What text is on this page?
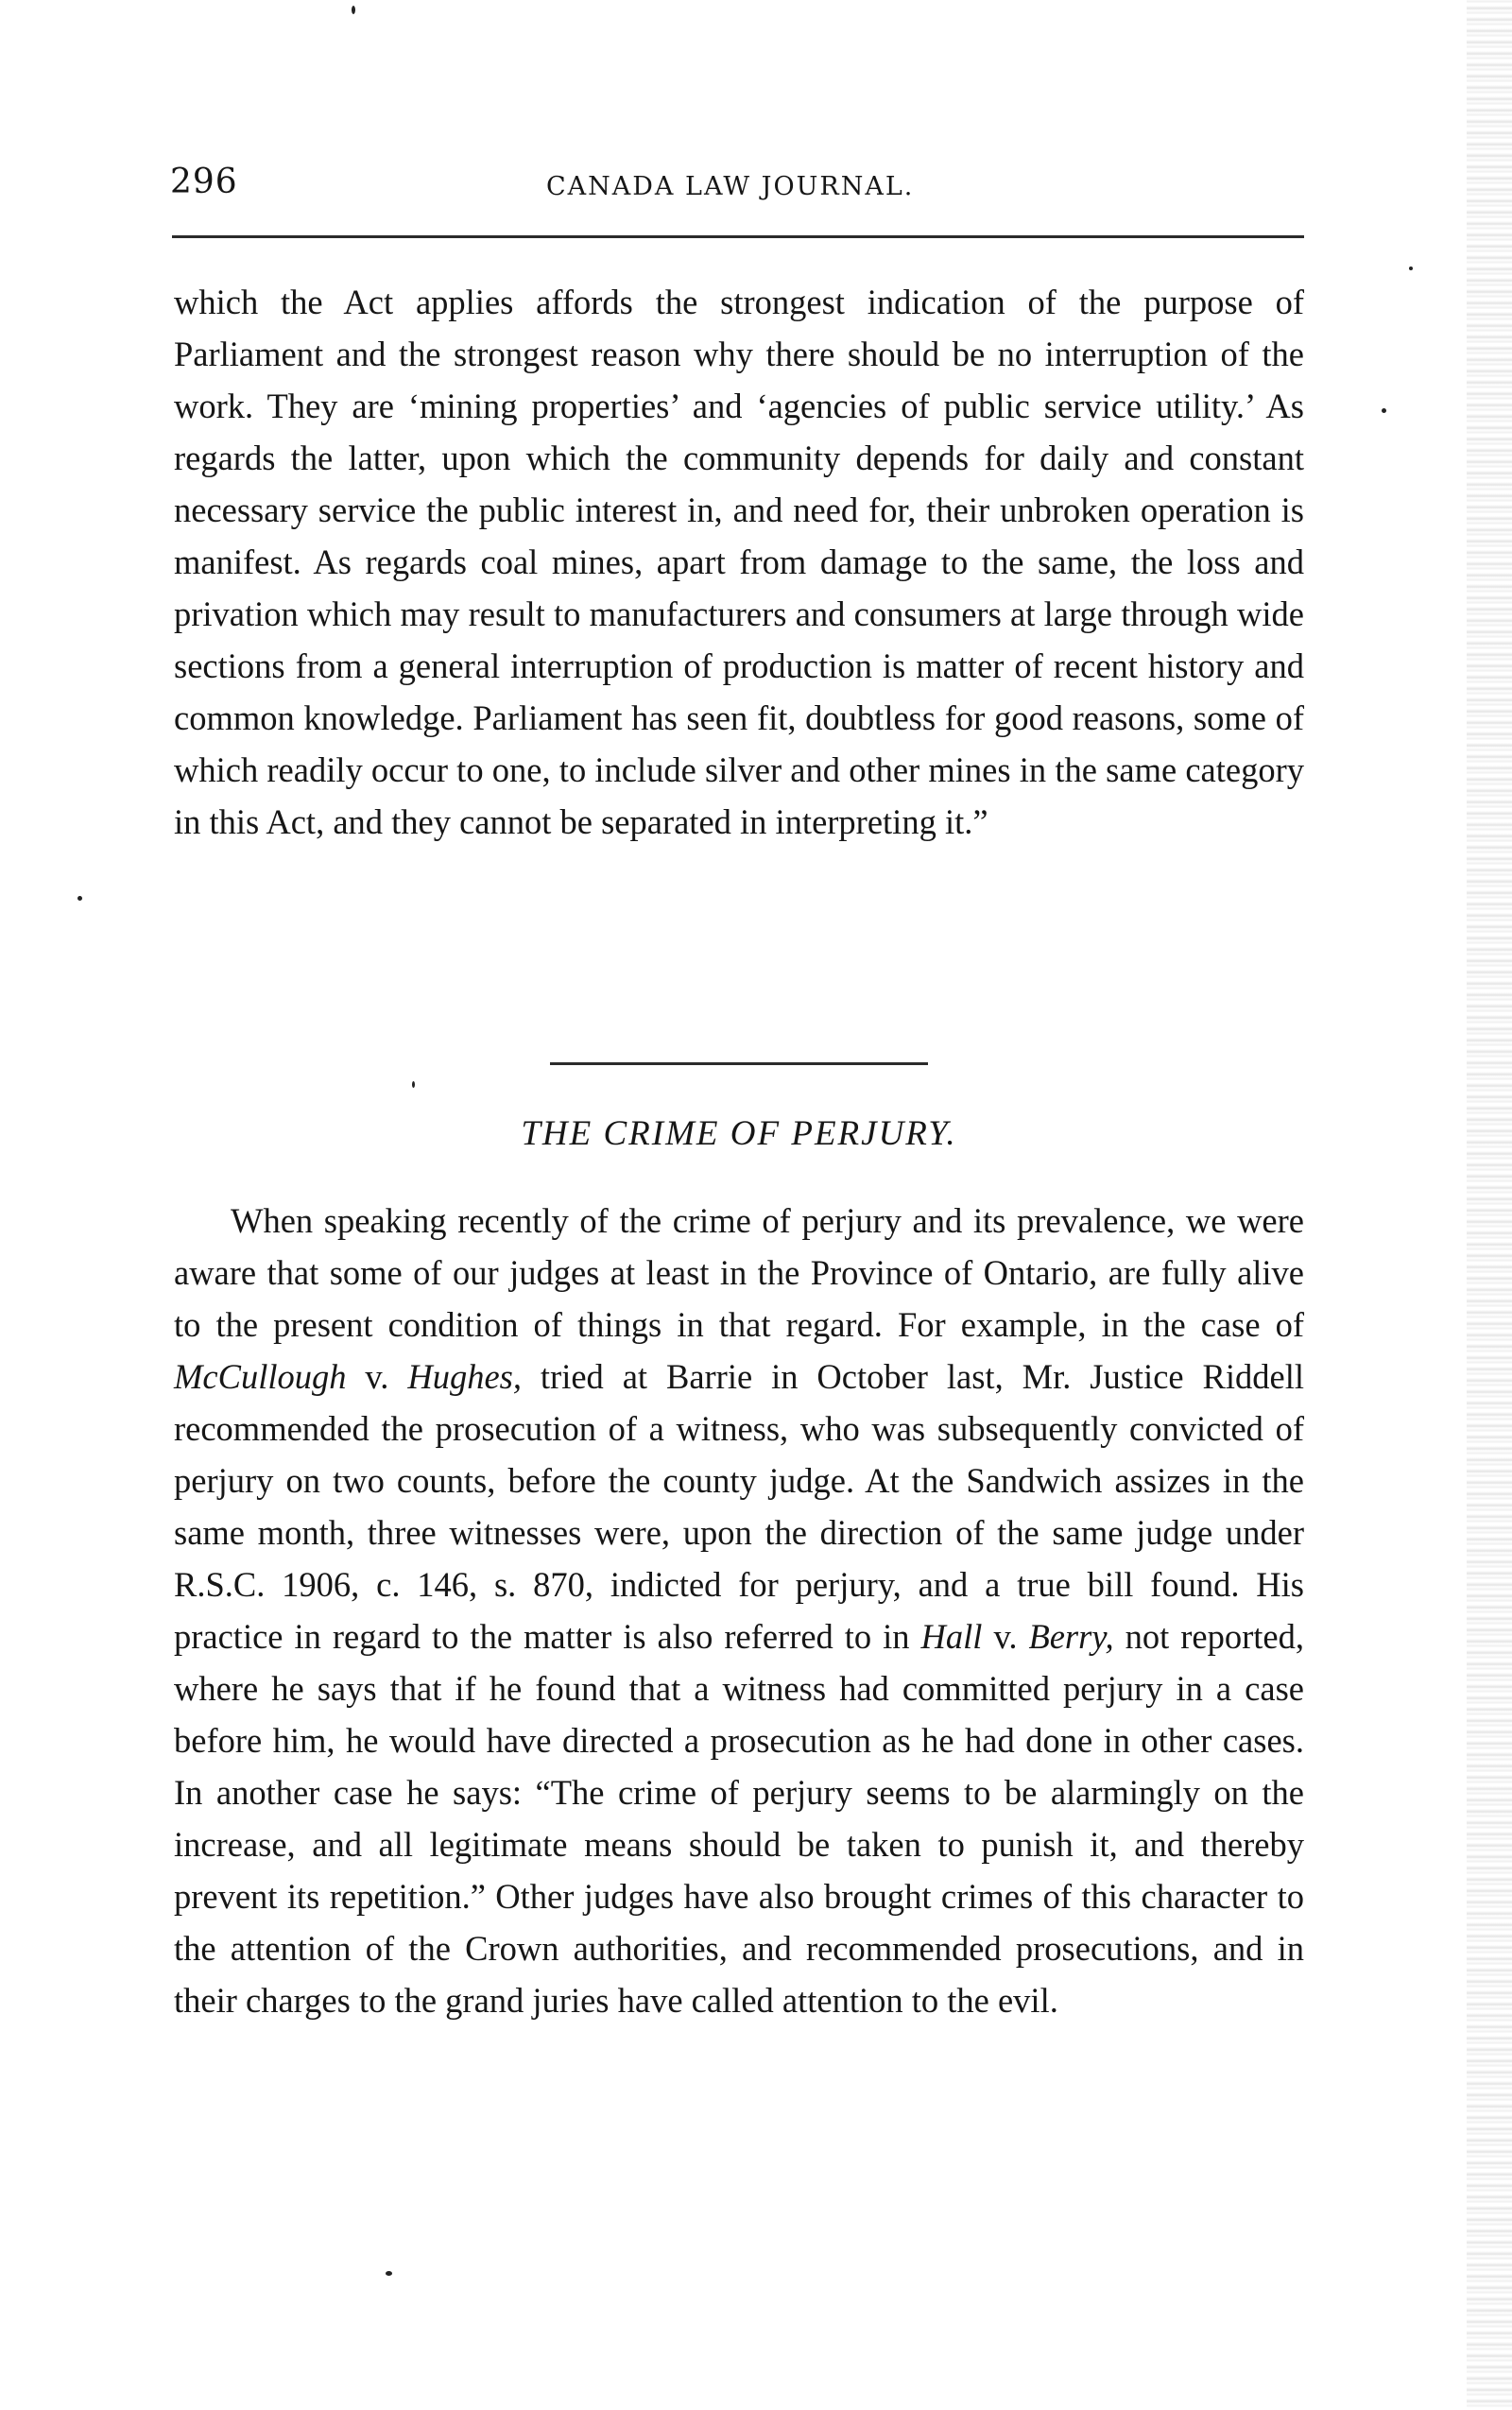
296	CANADA LAW JOURNAL.

which the Act applies affords the strongest indication of the purpose of Parliament and the strongest reason why there should be no interruption of the work. They are ‘mining properties’ and ‘agencies of public service utility.’ As regards the latter, upon which the community depends for daily and constant necessary service the public interest in, and need for, their unbroken operation is manifest. As regards coal mines, apart from damage to the same, the loss and privation which may result to manufacturers and consumers at large through wide sections from a general interruption of production is matter of recent history and common knowledge. Parliament has seen fit, doubtless for good reasons, some of which readily occur to one, to include silver and other mines in the same category in this Act, and they cannot be separated in interpreting it.”

THE CRIME OF PERJURY.

When speaking recently of the crime of perjury and its prevalence, we were aware that some of our judges at least in the Province of Ontario, are fully alive to the present condition of things in that regard. For example, in the case of McCullough v. Hughes, tried at Barrie in October last, Mr. Justice Riddell recommended the prosecution of a witness, who was subsequently convicted of perjury on two counts, before the county judge. At the Sandwich assizes in the same month, three witnesses were, upon the direction of the same judge under R.S.C. 1906, c. 146, s. 870, indicted for perjury, and a true bill found. His practice in regard to the matter is also referred to in Hall v. Berry, not reported, where he says that if he found that a witness had committed perjury in a case before him, he would have directed a prosecution as he had done in other cases. In another case he says: “The crime of perjury seems to be alarmingly on the increase, and all legitimate means should be taken to punish it, and thereby prevent its repetition.” Other judges have also brought crimes of this character to the attention of the Crown authorities, and recommended prosecutions, and in their charges to the grand juries have called attention to the evil.
